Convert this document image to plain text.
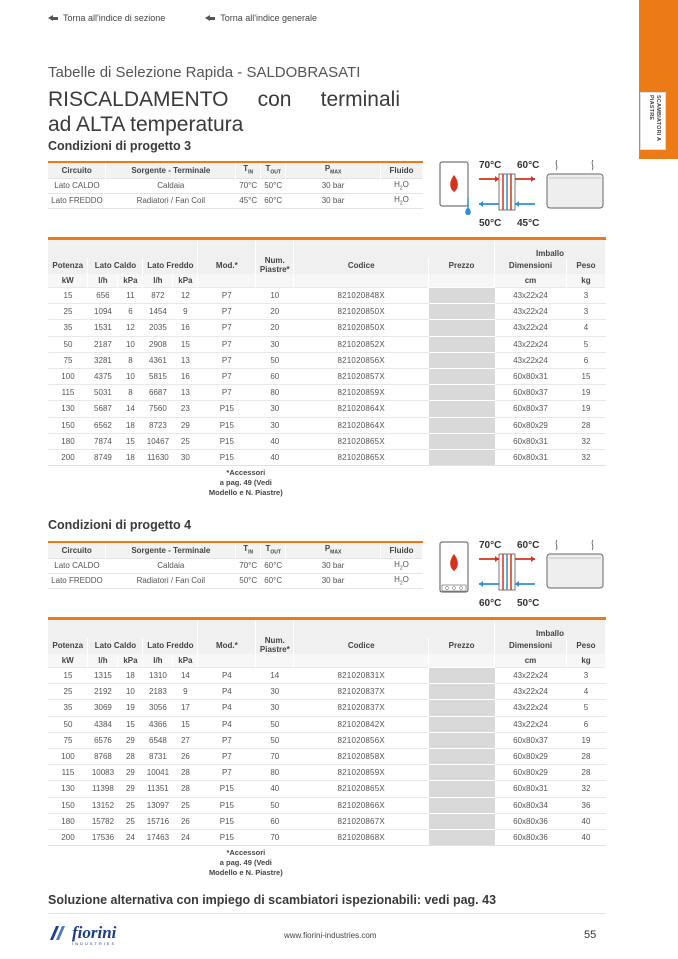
Torna all'indice di sezione	Torna all'indice generale
SCAMBIATORI A PIASTRE
Tabelle di Selezione Rapida - SALDOBRASATI
RISCALDAMENTO con terminali
ad ALTA temperatura
Condizioni di progetto 3
Circuito	Sorgente - Terminale	$T_{IN}$	$T_{OUT}$	$P_{MAX}$	Fluido
Lato CALDO	Caldaia	70°C	50°C	30 bar	$H_2O$
Lato FREDDO	Radiatori / Fan Coil	45°C	60°C	30 bar	$H_2O$
70°C 60°C
50°C 45°C

						Num.
Piastre*			Imballo	
Potenza	Lato Caldo		Lato Freddo		Mod.*		Codice	Prezzo	Dimensioni	Peso
kW	l/h	kPa	l/h	kPa					cm	kg
15	656	11	872	12	P7	10	821020848X		43x22x24	3
25	1094	6	1454	9	P7	20	821020850X		43x22x24	3
35	1531	12	2035	16	P7	20	821020850X		43x22x24	4
50	2187	10	2908	15	P7	30	821020852X		43x22x24	5
75	3281	8	4361	13	P7	50	821020856X		43x22x24	6
100	4375	10	5815	16	P7	60	821020857X		60x80x31	15
115	5031	8	6687	13	P7	80	821020859X		60x80x37	19
130	5687	14	7560	23	P15	30	821020864X		60x80x37	19
150	6562	18	8723	29	P15	30	821020864X		60x80x29	28
180	7874	15	10467	25	P15	40	821020865X		60x80x31	32
200	8749	18	11630	30	P15	40	821020865X		60x80x31	32

					*Accessori
a pag. 49 (Vedi
Modello e N. Piastre)					

Condizioni di progetto 4
Circuito	Sorgente - Terminale	$T_{IN}$	$T_{OUT}$	$P_{MAX}$	Fluido
Lato CALDO	Caldaia	70°C	60°C	30 bar	$H_2O$
Lato FREDDO	Radiatori / Fan Coil	50°C	60°C	30 bar	$H_2O$
70°C 60°C
60°C 50°C

						Num.
Piastre*			Imballo	
Potenza	Lato Caldo		Lato Freddo		Mod.*		Codice	Prezzo	Dimensioni	Peso
kW	l/h	kPa	l/h	kPa					cm	kg
15	1315	18	1310	14	P4	14	821020831X		43x22x24	3
25	2192	10	2183	9	P4	30	821020837X		43x22x24	4
35	3069	19	3056	17	P4	30	821020837X		43x22x24	5
50	4384	15	4366	15	P4	50	821020842X		43x22x24	6
75	6576	29	6548	27	P7	50	821020856X		60x80x37	19
100	8768	28	8731	26	P7	70	821020858X		60x80x29	28
115	10083	29	10041	28	P7	80	821020859X		60x80x29	28
130	11398	29	11351	28	P15	40	821020865X		60x80x31	32
150	13152	25	13097	25	P15	50	821020866X		60x80x34	36
180	15782	25	15716	26	P15	60	821020867X		60x80x36	40
200	17536	24	17463	24	P15	70	821020868X		60x80x36	40

					*Accessori
a pag. 49 (Vedi
Modello e N. Piastre)					

Soluzione alternativa con impiego di scambiatori ispezionabili: vedi pag. 43
fiorini
INDUSTRIES
www.fiorini-industries.com	55
